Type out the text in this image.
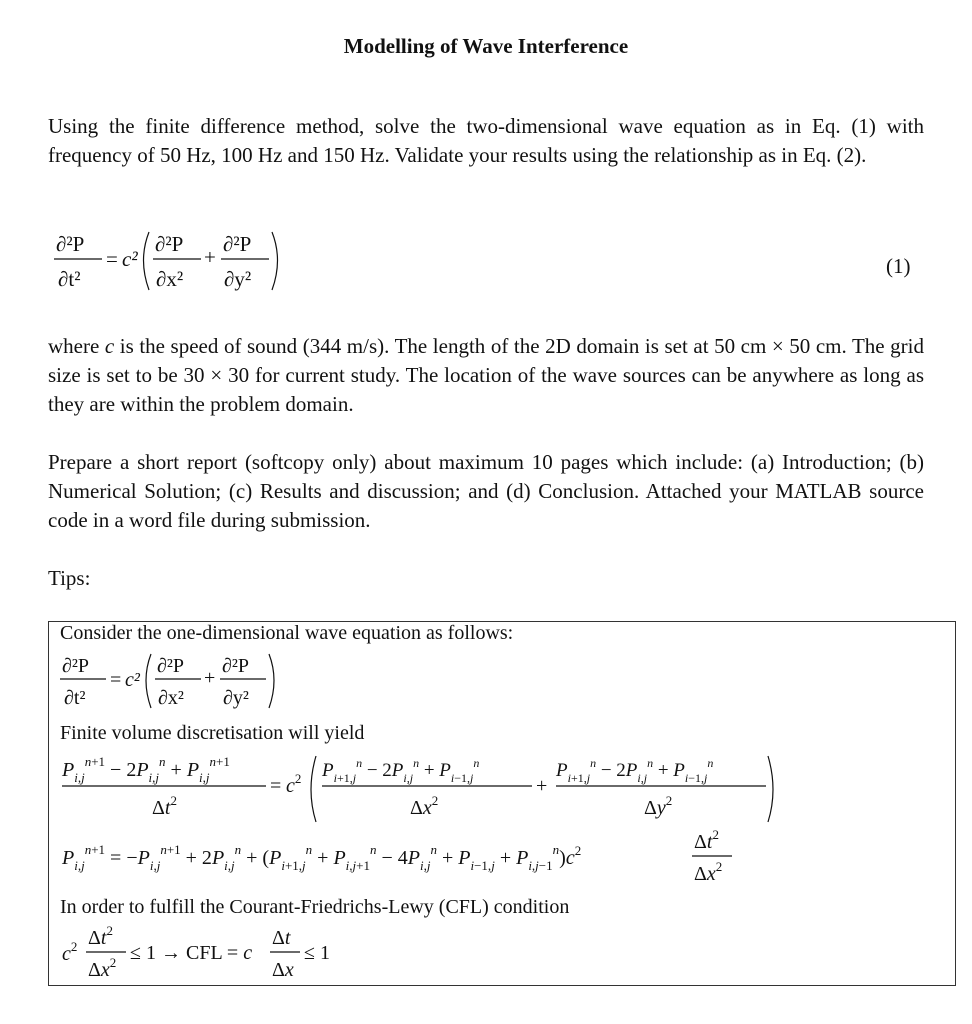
Modelling of Wave Interference
Using the finite difference method, solve the two-dimensional wave equation as in Eq. (1) with frequency of 50 Hz, 100 Hz and 150 Hz. Validate your results using the relationship as in Eq. (2).
∂²P
∂t²
= c²
∂²P
∂x²
+
∂²P
∂y²
(1)
where c is the speed of sound (344 m/s). The length of the 2D domain is set at 50 cm × 50 cm. The grid size is set to be 30 × 30 for current study. The location of the wave sources can be anywhere as long as they are within the problem domain.
Prepare a short report (softcopy only) about maximum 10 pages which include: (a) Introduction; (b) Numerical Solution; (c) Results and discussion; and (d) Conclusion. Attached your MATLAB source code in a word file during submission.
Tips:
Consider the one-dimensional wave equation as follows:
∂²P
∂t²
= c²
∂²P
∂x²
+
∂²P
∂y²
Finite volume discretisation will yield
$P_{i,j}^n+1 - 2P_{i,j}^n + P_{i,j}^n+1$
$\Delta t^2$
= $c^2$ $P_i+1,j^n - 2P_{i,j}^n + P_i-1,j^n$
$\Delta x^2$
+
$P_i+1,j^n - 2P_{i,j}^n + P_i-1,j^n$
$\Delta y^2$
$P_{i,j}^n+1 = -P_{i,j}^n+1 + 2P_{i,j}^n + (P_i+1,j^n + P_{i,j}+1^n - 4P_{i,j}^n + P_i-1,j + P_{i,j}-1^n)c^2$	$\Delta t^2$
$\Delta x^2$
In order to fulfill the Courant-Friedrichs-Lewy (CFL) condition
$c^2$ $\Delta t^2$
$\Delta x^2 \le 1$ → CFL = c
Δt
Δx
≤ 1
